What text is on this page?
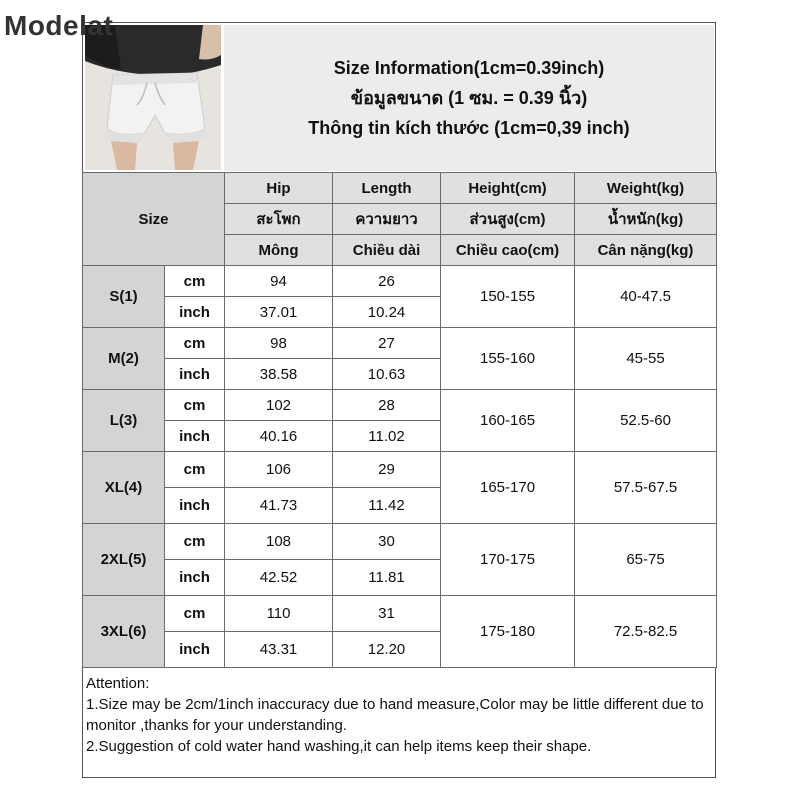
Modelat
Size Information(1cm=0.39inch)
ข้อมูลขนาด (1 ซม. = 0.39 นิ้ว)
Thông tin kích thước (1cm=0,39 inch)
Size		Hip	Length	Height(cm)	Weight(kg)
		สะโพก	ความยาว	ส่วนสูง(cm)	น้ำหนัก(kg)
		Mông	Chiều dài	Chiều cao(cm)	Cân nặng(kg)
S(1)	cm	94	26	150-155	40-47.5
	inch	37.01	10.24		
M(2)	cm	98	27	155-160	45-55
	inch	38.58	10.63		
L(3)	cm	102	28	160-165	52.5-60
	inch	40.16	11.02		
XL(4)	cm	106	29	165-170	57.5-67.5
	inch	41.73	11.42		
2XL(5)	cm	108	30	170-175	65-75
	inch	42.52	11.81		
3XL(6)	cm	110	31	175-180	72.5-82.5
	inch	43.31	12.20		

Attention:

1.Size may be 2cm/1inch inaccuracy due to hand measure,Color may be little different due to monitor ,thanks for your understanding.

2.Suggestion of cold water hand washing,it can help items keep their shape.
